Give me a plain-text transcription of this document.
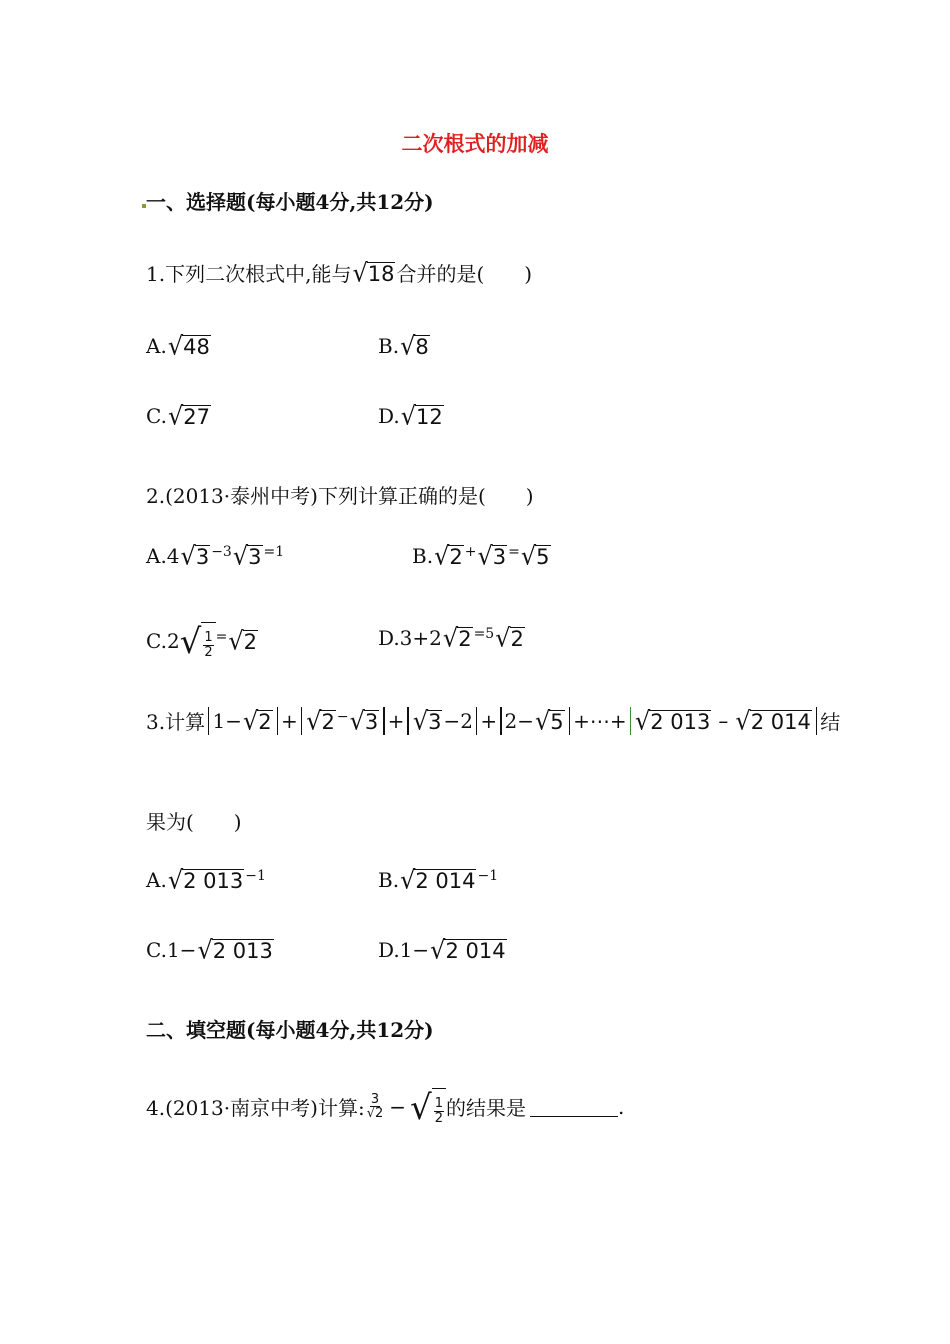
二次根式的加减
一、选择题(每小题4分,共12分)
1.下列二次根式中,能与 √ 18 合并的是(　　)
A. √ 48	B. √ 8
C. √ 27	D. √ 12
2.(2013·泰州中考)下列计算正确的是(　　)
A.4 √ 3 −3 √ 3 =1	B. √ 2 + √ 3 = √ 5
C.2 √ $\frac{1}{2}$ = √ 2	D.3+2 √ 2 =5 √ 2
3.计算 1− √ 2 + √ 2 − √ 3 + √ 3 −2 + 2− √ 5 +⋯+ √ 2 013 – √ 2 014 结
果为(　　)
A. √ 2 013 −1	B. √ 2 014 −1
C.1− √ 2 013	D.1− √ 2 014
二、填空题(每小题4分,共12分)
4.(2013·南京中考)计算: $\frac{3}{√2}$ − √ $\frac{1}{2}$ 的结果是	.
